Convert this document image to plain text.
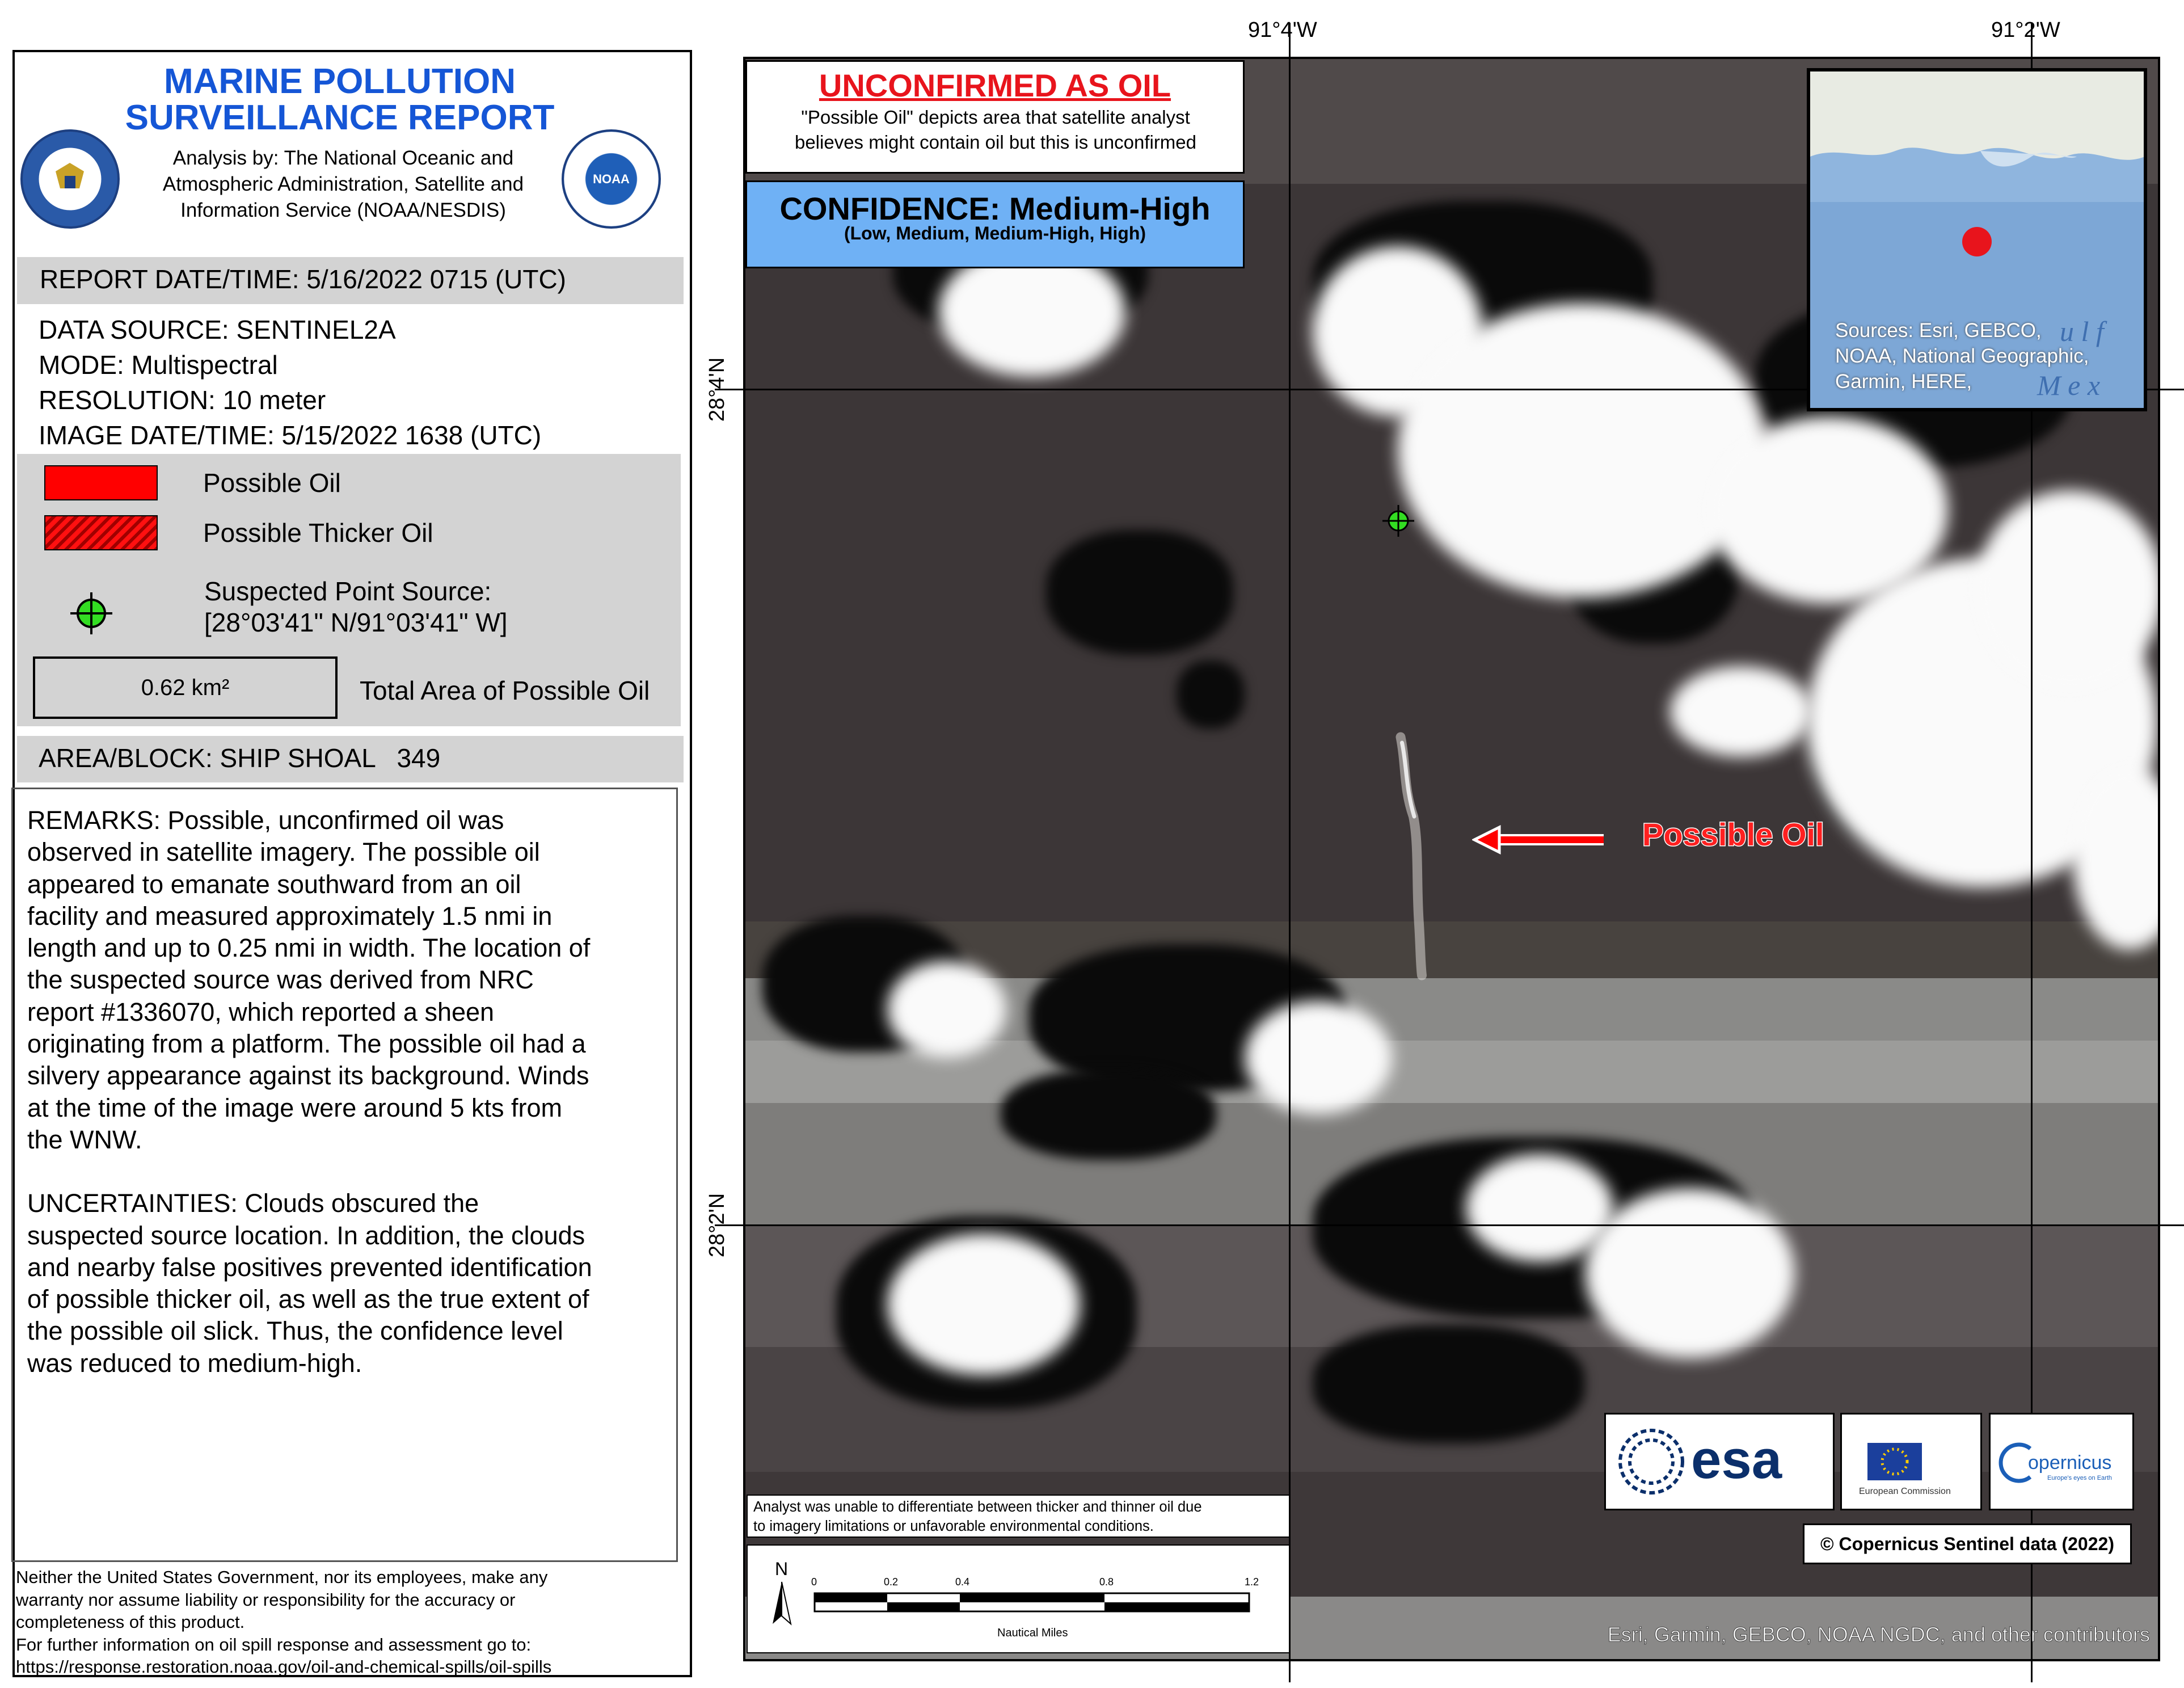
MARINE POLLUTION
SURVEILLANCE REPORT
Analysis by: The National Oceanic and
Atmospheric Administration, Satellite and
Information Service (NOAA/NESDIS)
NOAA
REPORT DATE/TIME: 5/16/2022 0715 (UTC)
DATA SOURCE: SENTINEL2A
MODE: Multispectral
RESOLUTION: 10 meter
IMAGE DATE/TIME: 5/15/2022 1638 (UTC)
Possible Oil
Possible Thicker Oil
Suspected Point Source:
[28°03'41" N/91°03'41" W]
0.62 km²	Total Area of Possible Oil
AREA/BLOCK: SHIP SHOAL   349
REMARKS: Possible, unconfirmed oil was
observed in satellite imagery. The possible oil
appeared to emanate southward from an oil
facility and measured approximately 1.5 nmi in
length and up to 0.25 nmi in width. The location of
the suspected source was derived from NRC
report #1336070, which reported a sheen
originating from a platform. The possible oil had a
silvery appearance against its background. Winds
at the time of the image were around 5 kts from
the WNW.
UNCERTAINTIES: Clouds obscured the
suspected source location. In addition, the clouds
and nearby false positives prevented identification
of possible thicker oil, as well as the true extent of
the possible oil slick. Thus, the confidence level
was reduced to medium-high.
Neither the United States Government, nor its employees, make any
warranty nor assume liability or responsibility for the accuracy or
completeness of this product.
For further information on oil spill response and assessment go to:
https://response.restoration.noaa.gov/oil-and-chemical-spills/oil-spills
91°4'W	91°2'W
28°4'N
28°2'N
UNCONFIRMED AS OIL
"Possible Oil" depicts area that satellite analyst
believes might contain oil but this is unconfirmed
CONFIDENCE: Medium-High
(Low, Medium, Medium-High, High)
u l f
M e x
Sources: Esri, GEBCO,
NOAA, National Geographic,
Garmin, HERE,
Possible Oil
esa
European Commission
opernicus
Europe's eyes on Earth
© Copernicus Sentinel data (2022)
Analyst was unable to differentiate between thicker and thinner oil due
to imagery limitations or unfavorable environmental conditions.
N
0	0.2	0.4	0.8	1.2
Nautical Miles	Esri, Garmin, GEBCO, NOAA NGDC, and other contributors
